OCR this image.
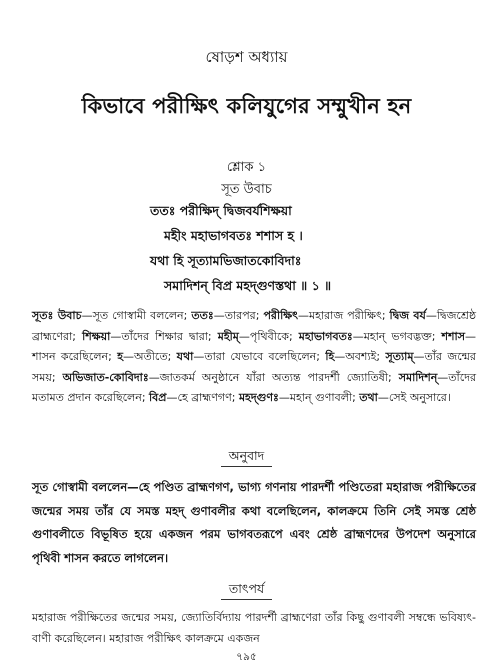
ষোড়শ অধ্যায়
কিভাবে পরীক্ষিৎ কলিযুগের সম্মুখীন হন
শ্লোক ১
সূত উবাচ
ততঃ পরীক্ষিদ্ দ্বিজবর্যশিক্ষয়া
মহীং মহাভাগবতঃ শশাস হ ।
যথা হি সূত্যামভিজাতকোবিদাঃ
সমাদিশন্ বিপ্র মহদ্গুণস্তথা ॥ ১ ॥
সূতঃ উবাচ—সূত গোস্বামী বললেন; ততঃ—তারপর; পরীক্ষিৎ—মহারাজ পরীক্ষিৎ; দ্বিজ বর্য—দ্বিজশ্রেষ্ঠ ব্রাহ্মণেরা; শিক্ষয়া—তাঁদের শিক্ষার দ্বারা; মহীম্—পৃথিবীকে; মহাভাগবতঃ—মহান্ ভগবদ্ভক্ত; শশাস—শাসন করেছিলেন; হ—অতীতে; যথা—তারা যেভাবে বলেছিলেন; হি—অবশ্যই; সূত্যাম্—তাঁর জন্মের সময়; অভিজাত-কোবিদাঃ—জাতকর্ম অনুষ্ঠানে যাঁরা অত্যন্ত পারদর্শী জ্যোতিষী; সমাদিশন্—তাঁদের মতামত প্রদান করেছিলেন; বিপ্র—হে ব্রাহ্মণগণ; মহদ্গুণঃ—মহান্ গুণাবলী; তথা—সেই অনুসারে।
অনুবাদ
সূত গোস্বামী বললেন—হে পণ্ডিত ব্রাহ্মণগণ, ভাগ্য গণনায় পারদর্শী পণ্ডিতেরা মহারাজ পরীক্ষিতের জন্মের সময় তাঁর যে সমস্ত মহদ্ গুণাবলীর কথা বলেছিলেন, কালক্রমে তিনি সেই সমস্ত শ্রেষ্ঠ গুণাবলীতে বিভূষিত হয়ে একজন পরম ভাগবতরূপে এবং শ্রেষ্ঠ ব্রাহ্মণদের উপদেশ অনুসারে পৃথিবী শাসন করতে লাগলেন।
তাৎপর্য
মহারাজ পরীক্ষিতের জন্মের সময়, জ্যোতির্বিদ্যায় পারদর্শী ব্রাহ্মণেরা তাঁর কিছু গুণাবলী সম্বন্ধে ভবিষ্যৎ-বাণী করেছিলেন। মহারাজ পরীক্ষিৎ কালক্রমে একজন
৭৯৫
